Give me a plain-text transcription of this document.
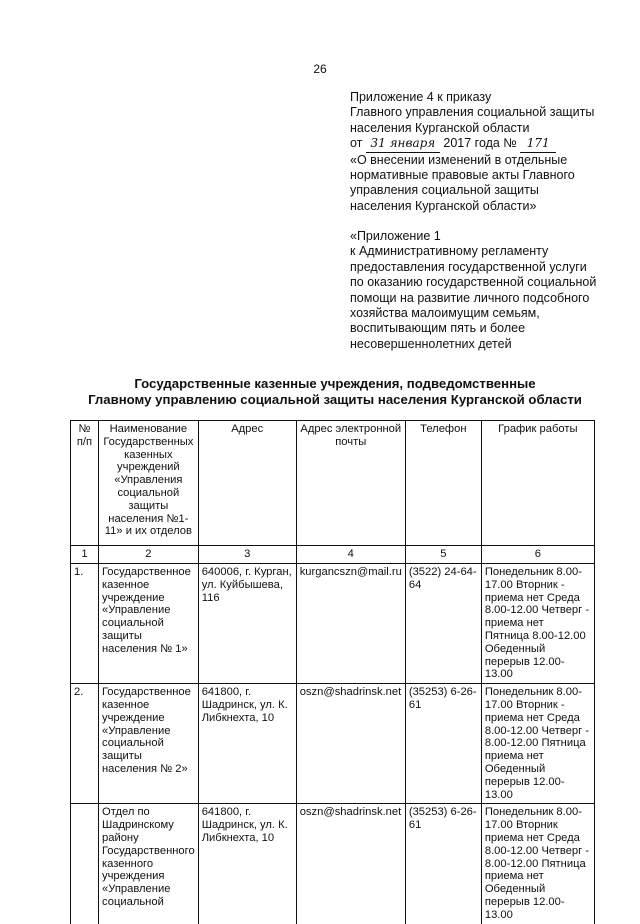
26
Приложение 4 к приказу
Главного управления социальной защиты
населения Курганской области
от 31 января 2017 года № 171
«О внесении изменений в отдельные
нормативные правовые акты Главного
управления социальной защиты
населения Курганской области»
«Приложение 1
к Административному регламенту
предоставления государственной услуги
по оказанию государственной социальной
помощи на развитие личного подсобного
хозяйства малоимущим семьям,
воспитывающим пять и более
несовершеннолетних детей
Государственные казенные учреждения, подведомственные
Главному управлению социальной защиты населения Курганской области
№ п/п	Наименование Государственных казенных учреждений «Управления социальной защиты населения №1-11» и их отделов	Адрес	Адрес электронной почты	Телефон	График работы
1	2	3	4	5	6
1.	Государственное казенное учреждение «Управление социальной защиты населения № 1»	640006, г. Курган, ул. Куйбышева, 116	kurgancszn@mail.ru	(3522) 24-64-64	Понедельник 8.00-17.00 Вторник - приема нет Среда 8.00-12.00 Четверг - приема нет Пятница 8.00-12.00 Обеденный перерыв 12.00-13.00
2.	Государственное казенное учреждение «Управление социальной защиты населения № 2»	641800, г. Шадринск, ул. К. Либкнехта, 10	oszn@shadrinsk.net	(35253) 6-26-61	Понедельник 8.00-17.00 Вторник - приема нет Среда 8.00-12.00 Четверг - 8.00-12.00 Пятница приема нет Обеденный перерыв 12.00-13.00
	Отдел по Шадринскому району Государственного казенного учреждения «Управление социальной	641800, г. Шадринск, ул. К. Либкнехта, 10	oszn@shadrinsk.net	(35253) 6-26-61	Понедельник 8.00-17.00 Вторник приема нет Среда 8.00-12.00 Четверг - 8.00-12.00 Пятница приема нет Обеденный перерыв 12.00-13.00
